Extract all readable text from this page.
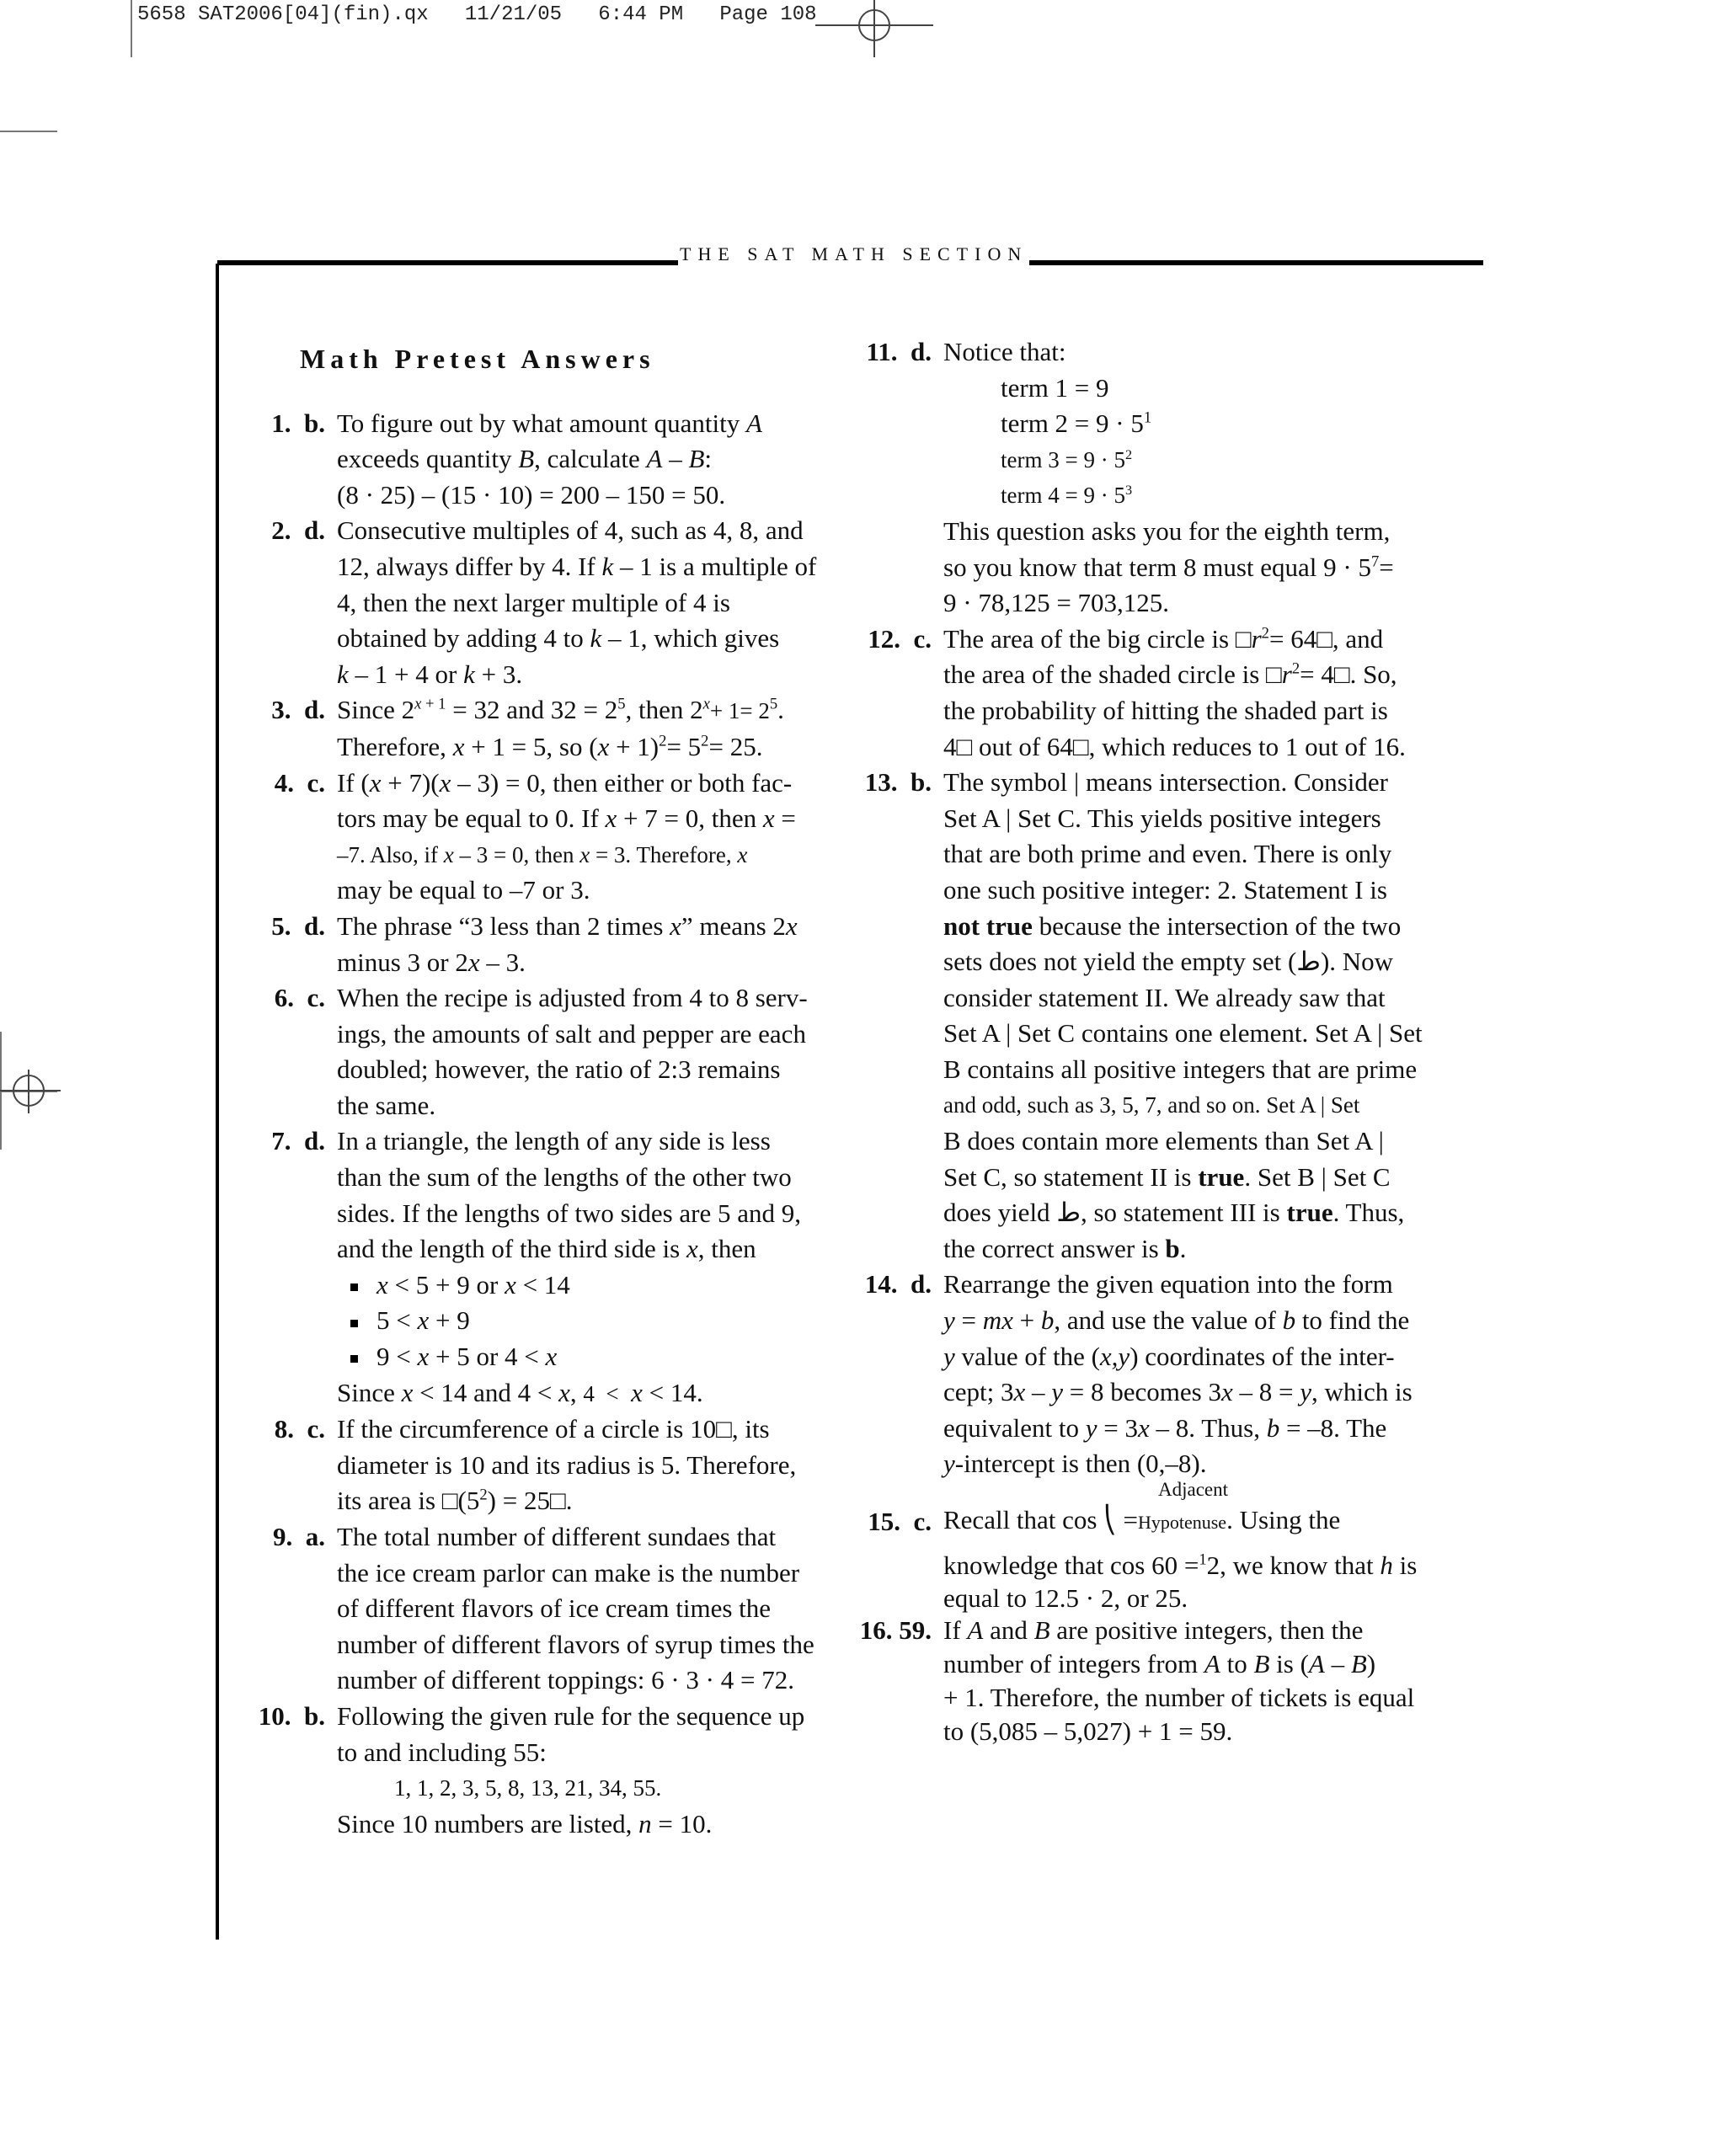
5658 SAT2006[04](fin).qx   11/21/05   6:44 PM   Page 108
THE SAT MATH SECTION
Math Pretest Answers
1. b. To figure out by what amount quantity A

exceeds quantity B, calculate A – B:

(8 · 25) – (15 · 10) = 200 – 150 = 50.

2. d. Consecutive multiples of 4, such as 4, 8, and

12, always differ by 4. If k – 1 is a multiple of

4, then the next larger multiple of 4 is

obtained by adding 4 to k – 1, which gives

k – 1 + 4 or k + 3.

3. d. Since $2^{x + 1} = 32$ and $32 = 2^5$, then $2^x+ 1= 2^5$.

Therefore, x + 1 = 5, so $(x + 1)^2= 5^2= 25$.

4. c. If (x + 7)(x – 3) = 0, then either or both fac-

tors may be equal to 0. If x + 7 = 0, then x =

–7. Also, if x – 3 = 0, then x = 3. Therefore, x

may be equal to –7 or 3.

5. d. The phrase “3 less than 2 times x” means 2x

minus 3 or 2x – 3.

6. c. When the recipe is adjusted from 4 to 8 serv-

ings, the amounts of salt and pepper are each

doubled; however, the ratio of 2:3 remains

the same.

7. d. In a triangle, the length of any side is less

than the sum of the lengths of the other two

sides. If the lengths of two sides are 5 and 9,

and the length of the third side is x, then

x < 5 + 9 or x < 14

5 < x + 9

9 < x + 5 or 4 < x

Since x < 14 and 4 < x, 4  <  x < 14.

8. c. If the circumference of a circle is 10□, its

diameter is 10 and its radius is 5. Therefore,

its area is $□(5^2)$ = 25□.

9. a. The total number of different sundaes that

the ice cream parlor can make is the number

of different flavors of ice cream times the

number of different flavors of syrup times the

number of different toppings: 6 · 3 · 4 = 72.

10. b. Following the given rule for the sequence up

to and including 55:

1, 1, 2, 3, 5, 8, 13, 21, 34, 55.

Since 10 numbers are listed, n = 10.

11. d. Notice that:

term 1 = 9

term $2 = 9 \cdot 5^1$

term $3 = 9 \cdot 5^2$

term $4 = 9 \cdot 5^3$

This question asks you for the eighth term,

so you know that term 8 must equal $9 \cdot 5^7=$

9 · 78,125 = 703,125.

12. c. The area of the big circle is $□r^2=$ 64□, and

the area of the shaded circle is $□r^2=$ 4□. So,

the probability of hitting the shaded part is

4□ out of 64□, which reduces to 1 out of 16.

13. b. The symbol | means intersection. Consider

Set A | Set C. This yields positive integers

that are both prime and even. There is only

one such positive integer: 2. Statement I is

not true because the intersection of the two

sets does not yield the empty set (ط). Now

consider statement II. We already saw that

Set A | Set C contains one element. Set A | Set

B contains all positive integers that are prime

and odd, such as 3, 5, 7, and so on. Set A | Set

B does contain more elements than Set A |

Set C, so statement II is true. Set B | Set C

does yield ط, so statement III is true. Thus,

the correct answer is b.

14. d. Rearrange the given equation into the form

y = mx + b, and use the value of b to find the

y value of the (x,y) coordinates of the inter-

cept; 3x – y = 8 becomes 3x – 8 = y, which is

equivalent to y = 3x – 8. Thus, b = –8. The

y-intercept is then (0,–8).

15. c.

Adjacent

Recall that cos ⎝ =Hypotenuse. Using the

knowledge that cos 60 =$^1$2, we know that h is

equal to 12.5 · 2, or 25.

16. 59. If A and B are positive integers, then the

number of integers from A to B is (A – B)

+ 1. Therefore, the number of tickets is equal

to (5,085 – 5,027) + 1 = 59.
